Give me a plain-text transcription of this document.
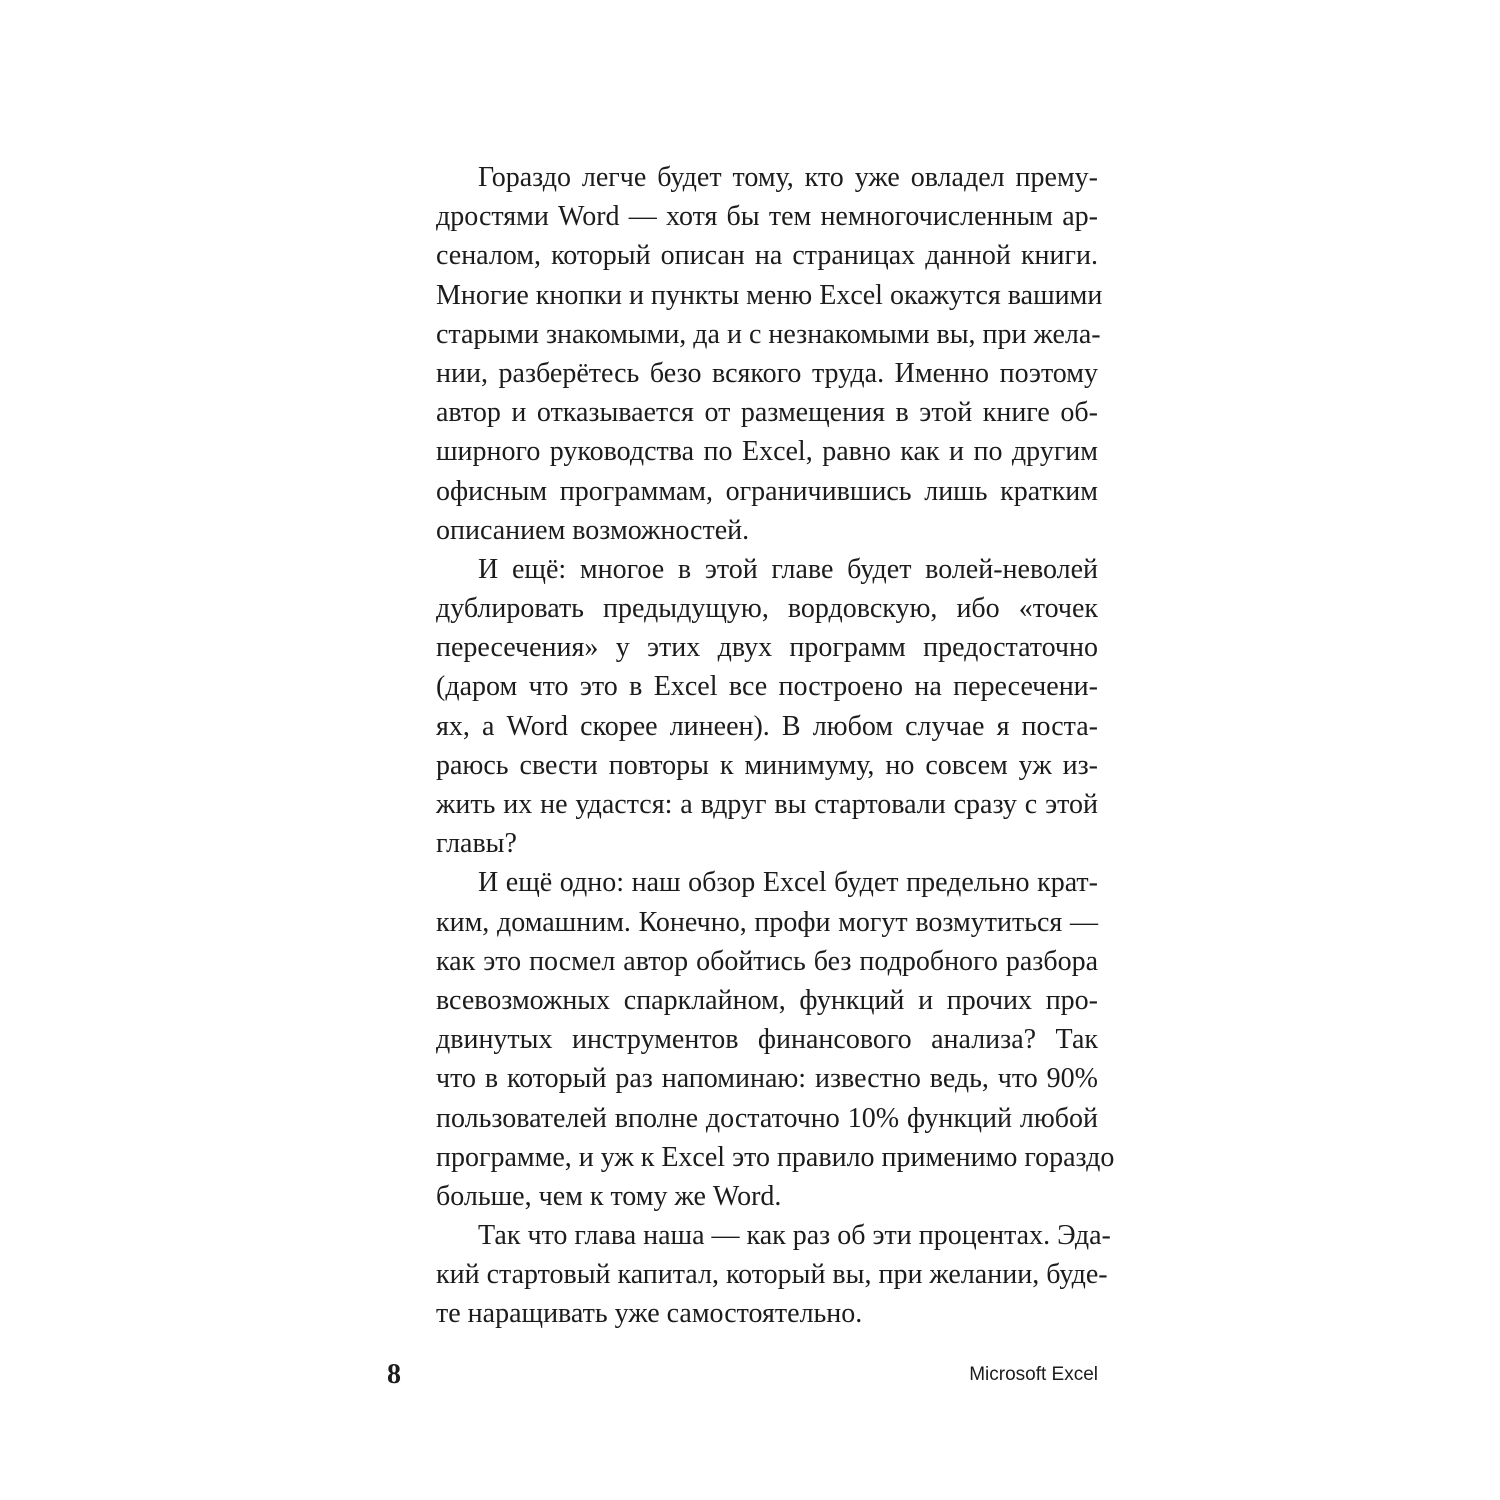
Гораздо легче будет тому, кто уже овладел прему-
дростями Word — хотя бы тем немногочисленным ар-
сеналом, который описан на страницах данной книги.
Многие кнопки и пункты меню Excel окажутся вашими
старыми знакомыми, да и с незнакомыми вы, при жела-
нии, разберётесь безо всякого труда. Именно поэтому
автор и отказывается от размещения в этой книге об-
ширного руководства по Excel, равно как и по другим
офисным программам, ограничившись лишь кратким
описанием возможностей.

И ещё: многое в этой главе будет волей-неволей
дублировать предыдущую, вордовскую, ибо «точек
пересечения» у этих двух программ предостаточно
(даром что это в Excel все построено на пересечени-
ях, а Word скорее линеен). В любом случае я поста-
раюсь свести повторы к минимуму, но совсем уж из-
жить их не удастся: а вдруг вы стартовали сразу с этой
главы?

И ещё одно: наш обзор Excel будет предельно крат-
ким, домашним. Конечно, профи могут возмутиться —
как это посмел автор обойтись без подробного разбора
всевозможных спарклайном, функций и прочих про-
двинутых инструментов финансового анализа? Так
что в который раз напоминаю: известно ведь, что 90%
пользователей вполне достаточно 10% функций любой
программе, и уж к Excel это правило применимо гораздо
больше, чем к тому же Word.

Так что глава наша — как раз об эти процентах. Эда-
кий стартовый капитал, который вы, при желании, буде-
те наращивать уже самостоятельно.

8	Microsoft Excel
